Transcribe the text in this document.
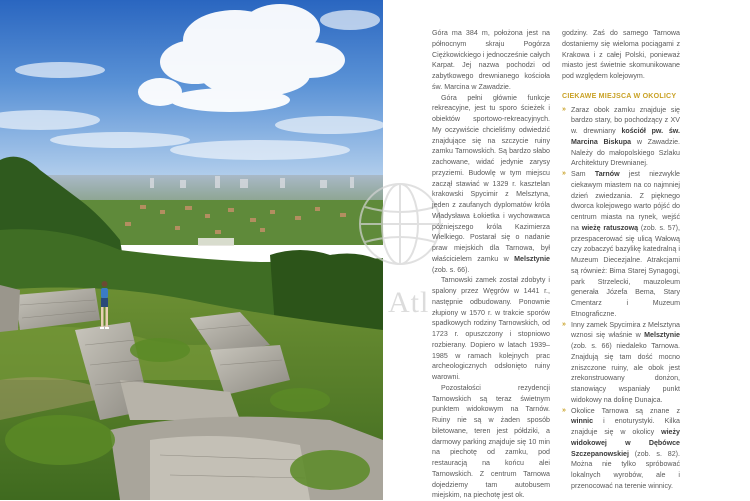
Atl

Góra ma 384 m, położona jest na północnym skraju Pogórza Ciężkowickiego i jednocześnie całych Karpat. Jej nazwa pochodzi od zabytkowego drewnianego kościoła św. Marcina w Zawadzie.

Góra pełni głównie funkcje rekreacyjne, jest tu sporo ścieżek i obiektów sportowo-rekreacyjnych. My oczywiście chcieliśmy odwiedzić znajdujące się na szczycie ruiny zamku Tarnowskich. Są bardzo słabo zachowane, widać jedynie zarysy przyziemi. Budowlę w tym miejscu zaczął stawiać w 1329 r. kasztelan krakowski Spycimir z Melsztyna, jeden z zaufanych dyplomatów króla Władysława Łokietka i wychowawca późniejszego króla Kazimierza Wielkiego. Postarał się o nadanie praw miejskich dla Tarnowa, był właścicielem zamku w Melsztynie (zob. s. 66).

Tarnowski zamek został zdobyty i spalony przez Węgrów w 1441 r., następnie odbudowany. Ponownie złupiony w 1570 r. w trakcie sporów spadkowych rodziny Tarnowskich, od 1723 r. opuszczony i stopniowo rozbierany. Dopiero w latach 1939–1985 w ramach kolejnych prac archeologicznych odsłonięto ruiny warowni.

Pozostałości rezydencji Tarnowskich są teraz świetnym punktem widokowym na Tarnów. Ruiny nie są w żaden sposób biletowane, teren jest półdziki, a darmowy parking znajduje się 10 min na piechotę od zamku, pod restauracją na końcu alei Tarnowskich. Z centrum Tarnowa dojedziemy tam autobusem miejskim, na piechotę jest ok.

godziny. Zaś do samego Tarnowa dostaniemy się wieloma pociągami z Krakowa i z całej Polski, ponieważ miasto jest świetnie skomunikowane pod względem kolejowym.

CIEKAWE MIEJSCA W OKOLICY

» Zaraz obok zamku znajduje się bardzo stary, bo pochodzący z XV w. drewniany kościół pw. św. Marcina Biskupa w Zawadzie. Należy do małopolskiego Szlaku Architektury Drewnianej.

» Sam Tarnów jest niezwykle ciekawym miastem na co najmniej dzień zwiedzania. Z pięknego dworca kolejowego warto pójść do centrum miasta na rynek, wejść na wieżę ratuszową (zob. s. 57), przespacerować się ulicą Wałową czy zobaczyć bazylikę katedralną i Muzeum Diecezjalne. Atrakcjami są również: Bima Starej Synagogi, park Strzelecki, mauzoleum generała Józefa Bema, Stary Cmentarz i Muzeum Etnograficzne.

» Inny zamek Spycimira z Melsztyna wznosi się właśnie w Melsztynie (zob. s. 66) niedaleko Tarnowa. Znajdują się tam dość mocno zniszczone ruiny, ale obok jest zrekonstruowany donżon, stanowiący wspaniały punkt widokowy na dolinę Dunajca.

» Okolice Tarnowa są znane z winnic i enoturystyki. Kilka znajduje się w okolicy wieży widokowej w Dębówce Szczepanowskiej (zob. s. 82). Można nie tylko spróbować lokalnych wyrobów, ale i przenocować na terenie winnicy.
